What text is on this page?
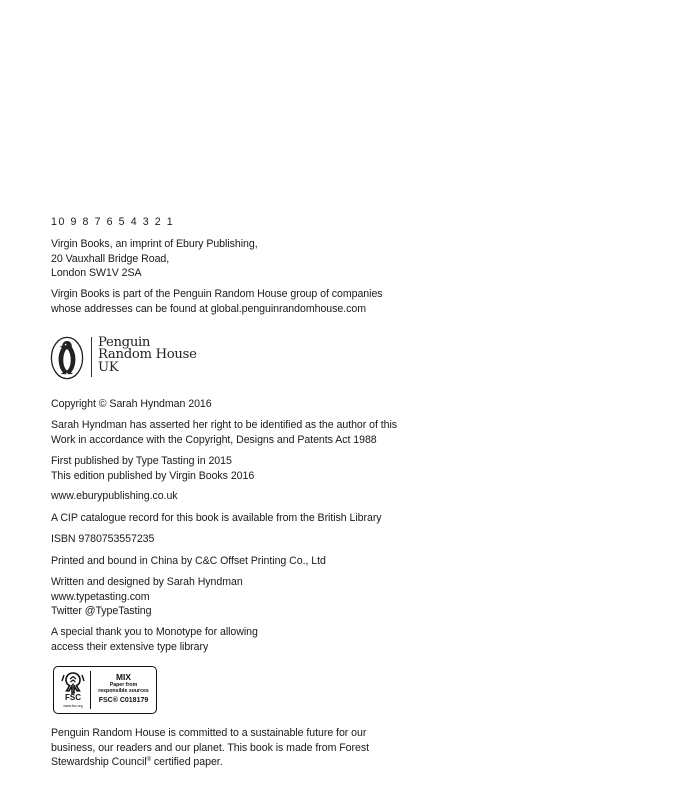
10 9 8 7 6 5 4 3 2 1

Virgin Books, an imprint of Ebury Publishing,
20 Vauxhall Bridge Road,
London SW1V 2SA
Virgin Books is part of the Penguin Random House group of companies
whose addresses can be found at global.penguinrandomhouse.com
Penguin
Random House
UK

Copyright © Sarah Hyndman 2016

Sarah Hyndman has asserted her right to be identified as the author of this
Work in accordance with the Copyright, Designs and Patents Act 1988
First published by Type Tasting in 2015
This edition published by Virgin Books 2016

www.eburypublishing.co.uk

A CIP catalogue record for this book is available from the British Library

ISBN 9780753557235

Printed and bound in China by C&C Offset Printing Co., Ltd

Written and designed by Sarah Hyndman
www.typetasting.com
Twitter @TypeTasting
A special thank you to Monotype for allowing
access their extensive type library
FSC
www.fsc.org
MIX
Paper from
responsible sources
FSC® C018179
Penguin Random House is committed to a sustainable future for our
business, our readers and our planet. This book is made from Forest
Stewardship Council® certified paper.
